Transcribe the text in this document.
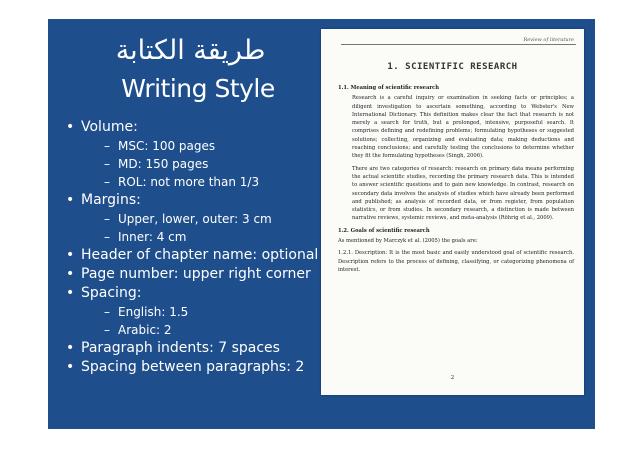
طريقة الكتابة
Writing Style
• Volume:
– MSC: 100 pages
– MD: 150 pages
– ROL: not more than 1/3
• Margins:
– Upper, lower, outer: 3 cm
– Inner: 4 cm
• Header of chapter name: optional
• Page number: upper right corner
• Spacing:
– English: 1.5
– Arabic: 2
• Paragraph indents: 7 spaces
• Spacing between paragraphs: 2
Review of literature
1. SCIENTIFIC RESEARCH
1.1. Meaning of scientific research

Research is a careful inquiry or examination in seeking facts or principles; a diligent investigation to ascertain something, according to Webster's New International Dictionary. This definition makes clear the fact that research is not merely a search for truth, but a prolonged, intensive, purposeful search. It comprises defining and redefining problems; formulating hypotheses or suggested solutions; collecting, organizing and evaluating data; making deductions and reaching conclusions; and carefully testing the conclusions to determine whether they fit the formulating hypotheses (Singh, 2006).

There are two categories of research: research on primary data means performing the actual scientific studies, recording the primary research data. This is intended to answer scientific questions and to gain new knowledge. In contrast, research on secondary data involves the analysis of studies which have already been performed and published; as analysis of recorded data, or from register, from population statistics, or from studies. In secondary research, a distinction is made between narrative reviews, systemic reviews, and meta-analysis (Röhrig et al., 2009).

1.2. Goals of scientific research

As mentioned by Marczyk et al. (2005) the goals are:

1.2.1. Description: It is the most basic and easily understood goal of scientific research. Description refers to the process of defining, classifying, or categorizing phenomena of interest.

2
